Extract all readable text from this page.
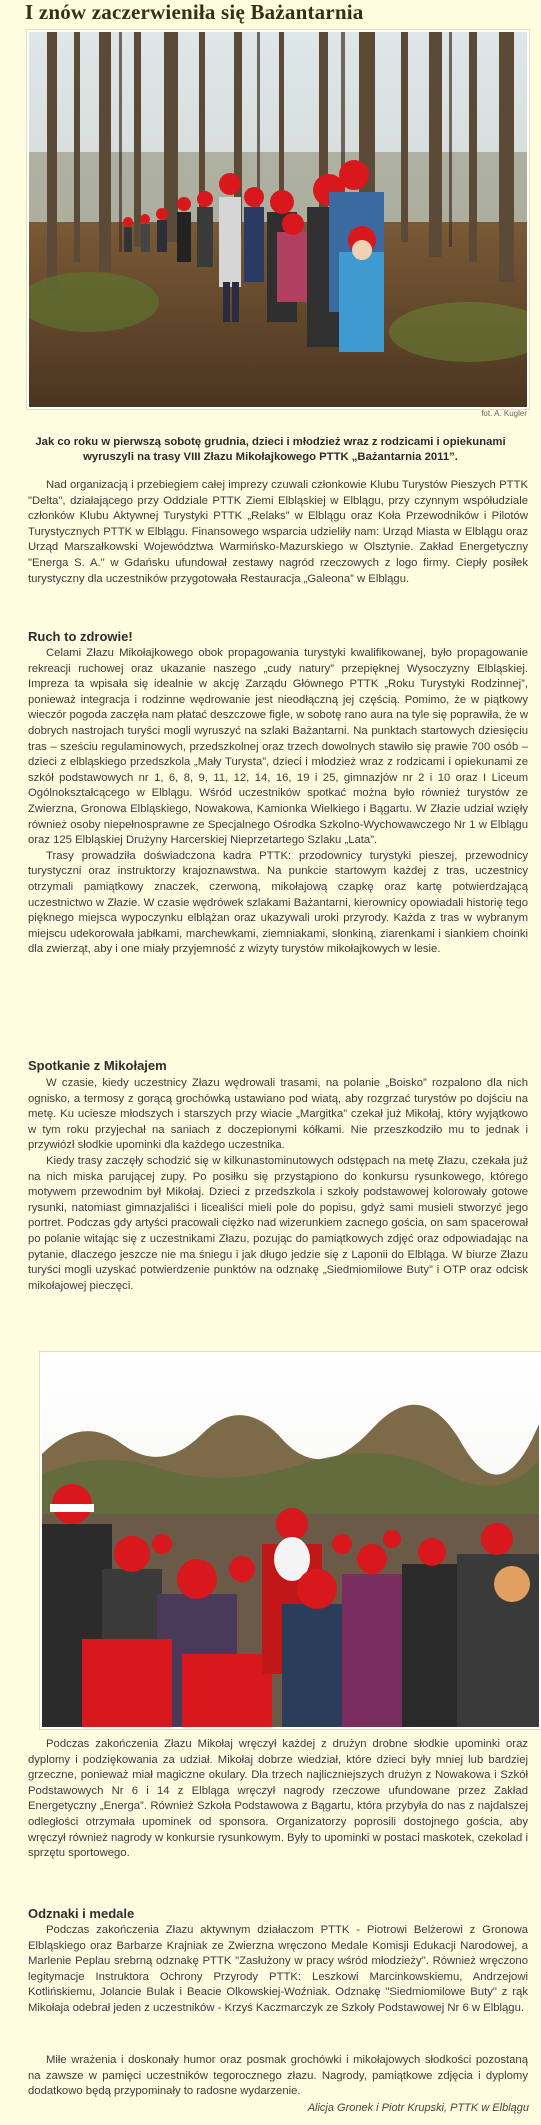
I znów zaczerwieniła się Bażantarnia
fot. A. Kugler
Jak co roku w pierwszą sobotę grudnia, dzieci i młodzież wraz z rodzicami i opiekunami wyruszyli na trasy VIII Złazu Mikołajkowego PTTK „Bażantarnia 2011”.

Nad organizacją i przebiegiem całej imprezy czuwali członkowie Klubu Turystów Pieszych PTTK "Delta", działającego przy Oddziale PTTK Ziemi Elbląskiej w Elblągu, przy czynnym współudziale członków Klubu Aktywnej Turystyki PTTK „Relaks” w Elblągu oraz Koła Przewodników i Pilotów Turystycznych PTTK w Elblągu. Finansowego wsparcia udzieliły nam: Urząd Miasta w Elblągu oraz Urząd Marszałkowski Województwa Warmińsko-Mazurskiego w Olsztynie. Zakład Energetyczny "Energa S. A." w Gdańsku ufundował zestawy nagród rzeczowych z logo firmy. Ciepły posiłek turystyczny dla uczestników przygotowała Restauracja „Galeona” w Elblągu.

Ruch to zdrowie!

Celami Złazu Mikołajkowego obok propagowania turystyki kwalifikowanej, było propagowanie rekreacji ruchowej oraz ukazanie naszego „cudy natury” przepięknej Wysoczyzny Elbląskiej. Impreza ta wpisała się idealnie w akcję Zarządu Głównego PTTK „Roku Turystyki Rodzinnej”, ponieważ integracja i rodzinne wędrowanie jest nieodłączną jej częścią. Pomimo, że w piątkowy wieczór pogoda zaczęła nam płatać deszczowe figle, w sobotę rano aura na tyle się poprawiła, że w dobrych nastrojach turyści mogli wyruszyć na szlaki Bażantarni. Na punktach startowych dziesięciu tras – sześciu regulaminowych, przedszkolnej oraz trzech dowolnych stawiło się prawie 700 osób – dzieci z elbląskiego przedszkola „Mały Turysta”, dzieci i młodzież wraz z rodzicami i opiekunami ze szkół podstawowych nr 1, 6, 8, 9, 11, 12, 14, 16, 19 i 25, gimnazjów nr 2 i 10 oraz I Liceum Ogólnokształcącego w Elblągu. Wśród uczestników spotkać można było również turystów ze Zwierzna, Gronowa Elbląskiego, Nowakowa, Kamionka Wielkiego i Bągartu. W Złazie udział wzięły również osoby niepełnosprawne ze Specjalnego Ośrodka Szkolno-Wychowawczego Nr 1 w Elblągu oraz 125 Elbląskiej Drużyny Harcerskiej Nieprzetartego Szlaku „Lata”.

Trasy prowadziła doświadczona kadra PTTK: przodownicy turystyki pieszej, przewodnicy turystyczni oraz instruktorzy krajoznawstwa. Na punkcie startowym każdej z tras, uczestnicy otrzymali pamiątkowy znaczek, czerwoną, mikołajową czapkę oraz kartę potwierdzającą uczestnictwo w Złazie. W czasie wędrówek szlakami Bażantarni, kierownicy opowiadali historię tego pięknego miejsca wypoczynku elblążan oraz ukazywali uroki przyrody. Każda z tras w wybranym miejscu udekorowała jabłkami, marchewkami, ziemniakami, słonkiną, ziarenkami i siankiem choinki dla zwierząt, aby i one miały przyjemność z wizyty turystów mikołajkowych w lesie.

Spotkanie z Mikołajem

W czasie, kiedy uczestnicy Złazu wędrowali trasami, na polanie „Boisko” rozpalono dla nich ognisko, a termosy z gorącą grochówką ustawiano pod wiatą, aby rozgrzać turystów po dojściu na metę. Ku uciesze młodszych i starszych przy wiacie „Margitka” czekał już Mikołaj, który wyjątkowo w tym roku przyjechał na saniach z doczepionymi kółkami. Nie przeszkodziło mu to jednak i przywiózł słodkie upominki dla każdego uczestnika.

Kiedy trasy zaczęły schodzić się w kilkunastominutowych odstępach na metę Złazu, czekała już na nich miska parującej zupy. Po posiłku się przystąpiono do konkursu rysunkowego, którego motywem przewodnim był Mikołaj. Dzieci z przedszkola i szkoły podstawowej kolorowały gotowe rysunki, natomiast gimnazjaliści i licealiści mieli pole do popisu, gdyż sami musieli stworzyć jego portret. Podczas gdy artyści pracowali ciężko nad wizerunkiem zacnego gościa, on sam spacerował po polanie witając się z uczestnikami Złazu, pozując do pamiątkowych zdjęć oraz odpowiadając na pytanie, dlaczego jeszcze nie ma śniegu i jak długo jedzie się z Laponii do Elbląga. W biurze Złazu turyści mogli uzyskać potwierdzenie punktów na odznakę „Siedmiomilowe Buty” i OTP oraz odcisk mikołajowej pieczęci.

Podczas zakończenia Złazu Mikołaj wręczył każdej z drużyn drobne słodkie upominki oraz dyplomy i podziękowania za udział. Mikołaj dobrze wiedział, które dzieci były mniej lub bardziej grzeczne, ponieważ miał magiczne okulary. Dla trzech najliczniejszych drużyn z Nowakowa i Szkół Podstawowych Nr 6 i 14 z Elbląga wręczył nagrody rzeczowe ufundowane przez Zakład Energetyczny „Energa”. Również Szkoła Podstawowa z Bągartu, która przybyła do nas z najdalszej odległości otrzymała upominek od sponsora. Organizatorzy poprosili dostojnego gościa, aby wręczył również nagrody w konkursie rysunkowym. Były to upominki w postaci maskotek, czekolad i sprzętu sportowego.

Odznaki i medale

Podczas zakończenia Złazu aktywnym działaczom PTTK - Piotrowi Belżerowi z Gronowa Elbląskiego oraz Barbarze Krajniak ze Zwierzna wręczono Medale Komisji Edukacji Narodowej, a Marlenie Peplau srebrną odznakę PTTK "Zasłużony w pracy wśród młodzieży". Również wręczono legitymacje Instruktora Ochrony Przyrody PTTK: Leszkowi Marcinkowskiemu, Andrzejowi Kotlińskiemu, Jolancie Bulak i Beacie Olkowskiej-Woźniak. Odznakę "Siedmiomilowe Buty" z rąk Mikołaja odebrał jeden z uczestników - Krzyś Kaczmarczyk ze Szkoły Podstawowej Nr 6 w Elblągu.

Miłe wrażenia i doskonały humor oraz posmak grochówki i mikołajowych słodkości pozostaną na zawsze w pamięci uczestników tegorocznego złazu. Nagrody, pamiątkowe zdjęcia i dyplomy dodatkowo będą przypominały to radosne wydarzenie.

Alicja Gronek i Piotr Krupski, PTTK w Elblągu
